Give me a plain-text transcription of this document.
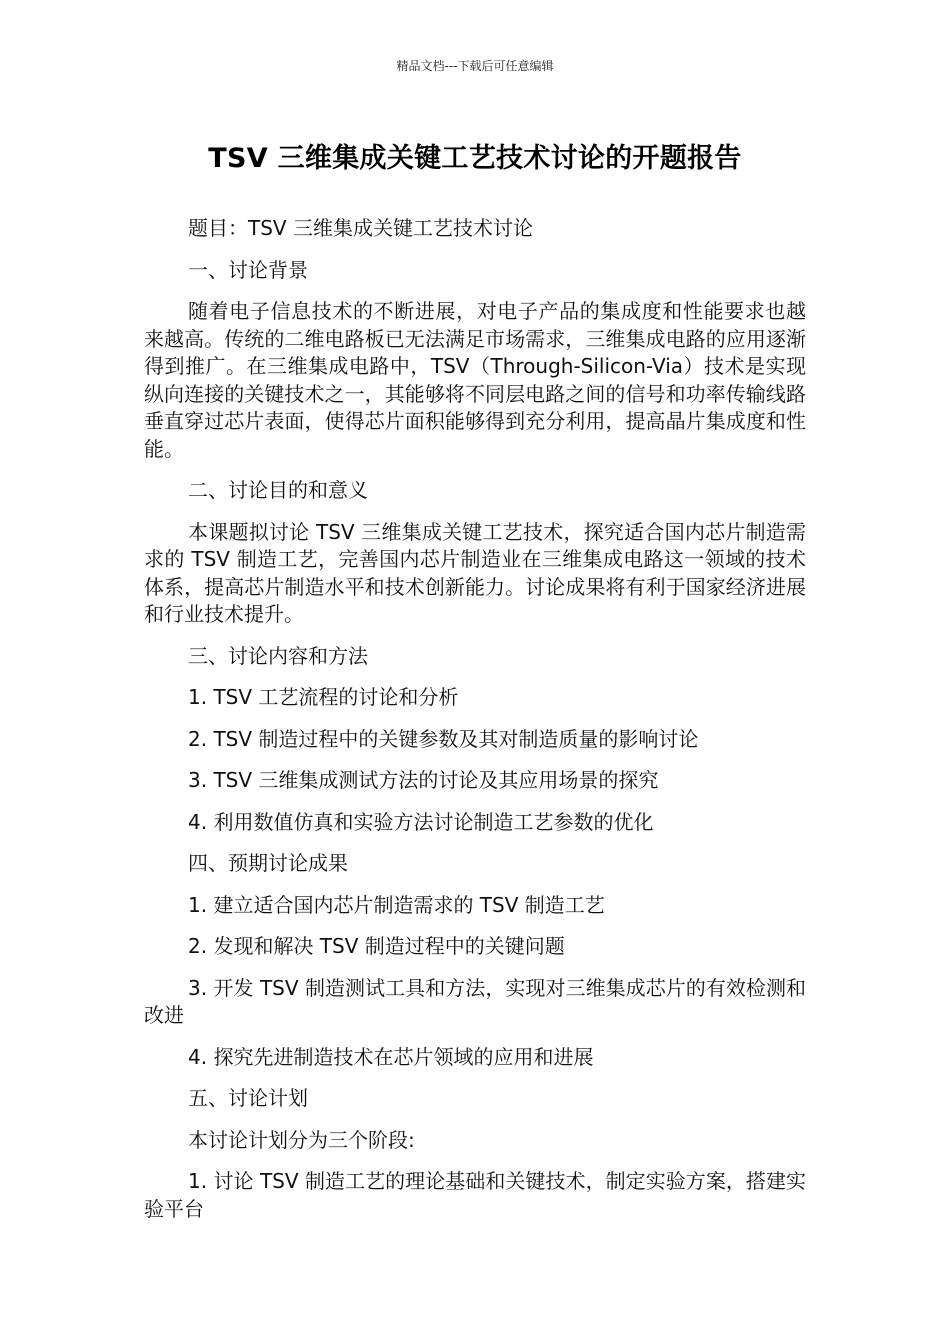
精品文档---下载后可任意编辑
TSV 三维集成关键工艺技术讨论的开题报告

题目：TSV 三维集成关键工艺技术讨论

一、讨论背景

随着电子信息技术的不断进展，对电子产品的集成度和性能要求也越来越高。传统的二维电路板已无法满足市场需求，三维集成电路的应用逐渐得到推广。在三维集成电路中，TSV（Through-Silicon-Via）技术是实现纵向连接的关键技术之一，其能够将不同层电路之间的信号和功率传输线路垂直穿过芯片表面，使得芯片面积能够得到充分利用，提高晶片集成度和性能。

二、讨论目的和意义

本课题拟讨论 TSV 三维集成关键工艺技术，探究适合国内芯片制造需求的 TSV 制造工艺，完善国内芯片制造业在三维集成电路这一领域的技术体系，提高芯片制造水平和技术创新能力。讨论成果将有利于国家经济进展和行业技术提升。

三、讨论内容和方法

1. TSV 工艺流程的讨论和分析

2. TSV 制造过程中的关键参数及其对制造质量的影响讨论

3. TSV 三维集成测试方法的讨论及其应用场景的探究

4. 利用数值仿真和实验方法讨论制造工艺参数的优化

四、预期讨论成果

1. 建立适合国内芯片制造需求的 TSV 制造工艺

2. 发现和解决 TSV 制造过程中的关键问题

3. 开发 TSV 制造测试工具和方法，实现对三维集成芯片的有效检测和改进

4. 探究先进制造技术在芯片领域的应用和进展

五、讨论计划

本讨论计划分为三个阶段:

1. 讨论 TSV 制造工艺的理论基础和关键技术，制定实验方案，搭建实验平台
